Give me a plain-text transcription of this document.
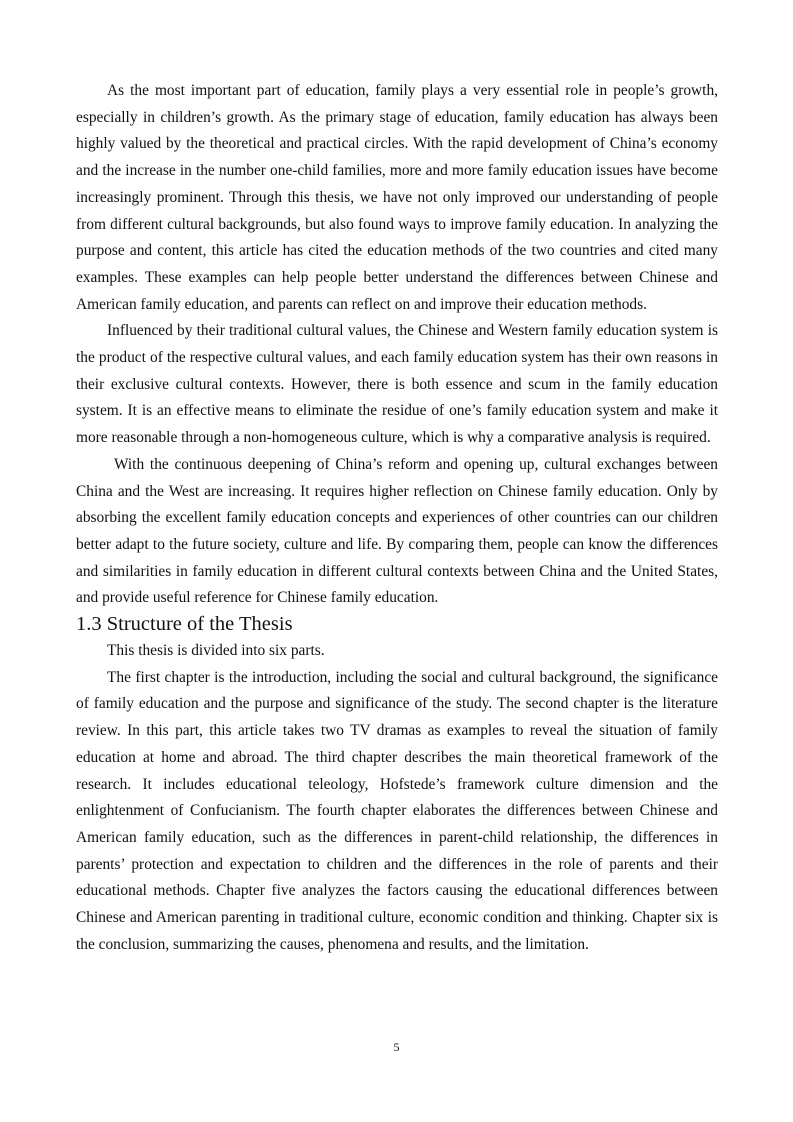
As the most important part of education, family plays a very essential role in people’s growth, especially in children’s growth. As the primary stage of education, family education has always been highly valued by the theoretical and practical circles. With the rapid development of China’s economy and the increase in the number one-child families, more and more family education issues have become increasingly prominent. Through this thesis, we have not only improved our understanding of people from different cultural backgrounds, but also found ways to improve family education. In analyzing the purpose and content, this article has cited the education methods of the two countries and cited many examples. These examples can help people better understand the differences between Chinese and American family education, and parents can reflect on and improve their education methods.

Influenced by their traditional cultural values, the Chinese and Western family education system is the product of the respective cultural values, and each family education system has their own reasons in their exclusive cultural contexts. However, there is both essence and scum in the family education system. It is an effective means to eliminate the residue of one’s family education system and make it more reasonable through a non-homogeneous culture, which is why a comparative analysis is required.

With the continuous deepening of China’s reform and opening up, cultural exchanges between China and the West are increasing. It requires higher reflection on Chinese family education. Only by absorbing the excellent family education concepts and experiences of other countries can our children better adapt to the future society, culture and life. By comparing them, people can know the differences and similarities in family education in different cultural contexts between China and the United States, and provide useful reference for Chinese family education.

1.3 Structure of the Thesis

This thesis is divided into six parts.

The first chapter is the introduction, including the social and cultural background, the significance of family education and the purpose and significance of the study. The second chapter is the literature review. In this part, this article takes two TV dramas as examples to reveal the situation of family education at home and abroad. The third chapter describes the main theoretical framework of the research. It includes educational teleology, Hofstede’s framework culture dimension and the enlightenment of Confucianism. The fourth chapter elaborates the differences between Chinese and American family education, such as the differences in parent-child relationship, the differences in parents’ protection and expectation to children and the differences in the role of parents and their educational methods. Chapter five analyzes the factors causing the educational differences between Chinese and American parenting in traditional culture, economic condition and thinking. Chapter six is the conclusion, summarizing the causes, phenomena and results, and the limitation.

5
